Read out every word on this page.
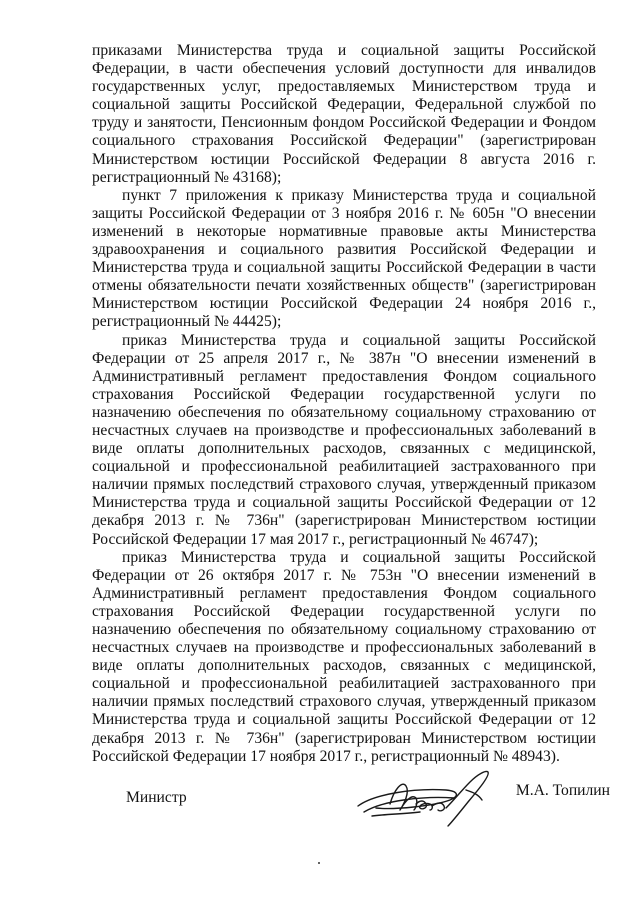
приказами Министерства труда и социальной защиты Российской Федерации, в части обеспечения условий доступности для инвалидов государственных услуг, предоставляемых Министерством труда и социальной защиты Российской Федерации, Федеральной службой по труду и занятости, Пенсионным фондом Российской Федерации и Фондом социального страхования Российской Федерации" (зарегистрирован Министерством юстиции Российской Федерации 8 августа 2016 г. регистрационный № 43168);

пункт 7 приложения к приказу Министерства труда и социальной защиты Российской Федерации от 3 ноября 2016 г. № 605н "О внесении изменений в некоторые нормативные правовые акты Министерства здравоохранения и социального развития Российской Федерации и Министерства труда и социальной защиты Российской Федерации в части отмены обязательности печати хозяйственных обществ" (зарегистрирован Министерством юстиции Российской Федерации 24 ноября 2016 г., регистрационный № 44425);

приказ Министерства труда и социальной защиты Российской Федерации от 25 апреля 2017 г., № 387н "О внесении изменений в Административный регламент предоставления Фондом социального страхования Российской Федерации государственной услуги по назначению обеспечения по обязательному социальному страхованию от несчастных случаев на производстве и профессиональных заболеваний в виде оплаты дополнительных расходов, связанных с медицинской, социальной и профессиональной реабилитацией застрахованного при наличии прямых последствий страхового случая, утвержденный приказом Министерства труда и социальной защиты Российской Федерации от 12 декабря 2013 г. № 736н" (зарегистрирован Министерством юстиции Российской Федерации 17 мая 2017 г., регистрационный № 46747);

приказ Министерства труда и социальной защиты Российской Федерации от 26 октября 2017 г. № 753н "О внесении изменений в Административный регламент предоставления Фондом социального страхования Российской Федерации государственной услуги по назначению обеспечения по обязательному социальному страхованию от несчастных случаев на производстве и профессиональных заболеваний в виде оплаты дополнительных расходов, связанных с медицинской, социальной и профессиональной реабилитацией застрахованного при наличии прямых последствий страхового случая, утвержденный приказом Министерства труда и социальной защиты Российской Федерации от 12 декабря 2013 г. № 736н" (зарегистрирован Министерством юстиции Российской Федерации 17 ноября 2017 г., регистрационный № 48943).

Министр	М.А. Топилин
